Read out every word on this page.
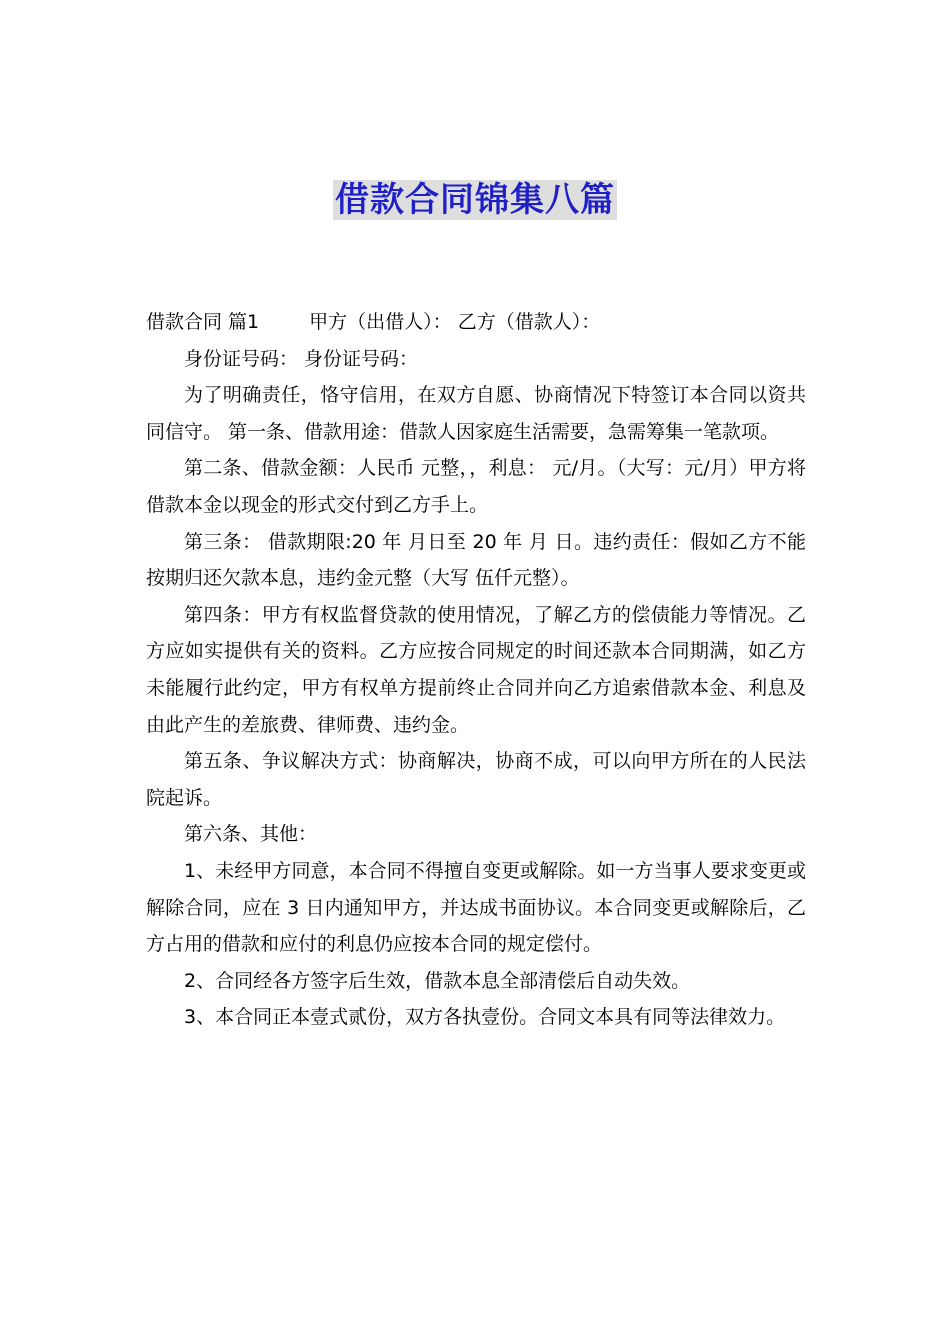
借款合同锦集八篇

借款合同 篇1	甲方（出借人）： 乙方（借款人）：

身份证号码： 身份证号码：

为了明确责任，恪守信用，在双方自愿、协商情况下特签订本合同以资共同信守。 第一条、借款用途：借款人因家庭生活需要，急需筹集一笔款项。

第二条、借款金额：人民币 元整，，利息： 元/月。（大写：元/月）甲方将借款本金以现金的形式交付到乙方手上。

第三条： 借款期限:20 年 月日至 20 年 月 日。违约责任：假如乙方不能按期归还欠款本息，违约金元整（大写 伍仟元整）。

第四条：甲方有权监督贷款的使用情况，了解乙方的偿债能力等情况。乙方应如实提供有关的资料。乙方应按合同规定的时间还款本合同期满，如乙方未能履行此约定，甲方有权单方提前终止合同并向乙方追索借款本金、利息及由此产生的差旅费、律师费、违约金。

第五条、争议解决方式：协商解决，协商不成，可以向甲方所在的人民法院起诉。

第六条、其他：

1、未经甲方同意，本合同不得擅自变更或解除。如一方当事人要求变更或解除合同，应在 3 日内通知甲方，并达成书面协议。本合同变更或解除后，乙方占用的借款和应付的利息仍应按本合同的规定偿付。

2、合同经各方签字后生效，借款本息全部清偿后自动失效。

3、本合同正本壹式贰份，双方各执壹份。合同文本具有同等法律效力。
